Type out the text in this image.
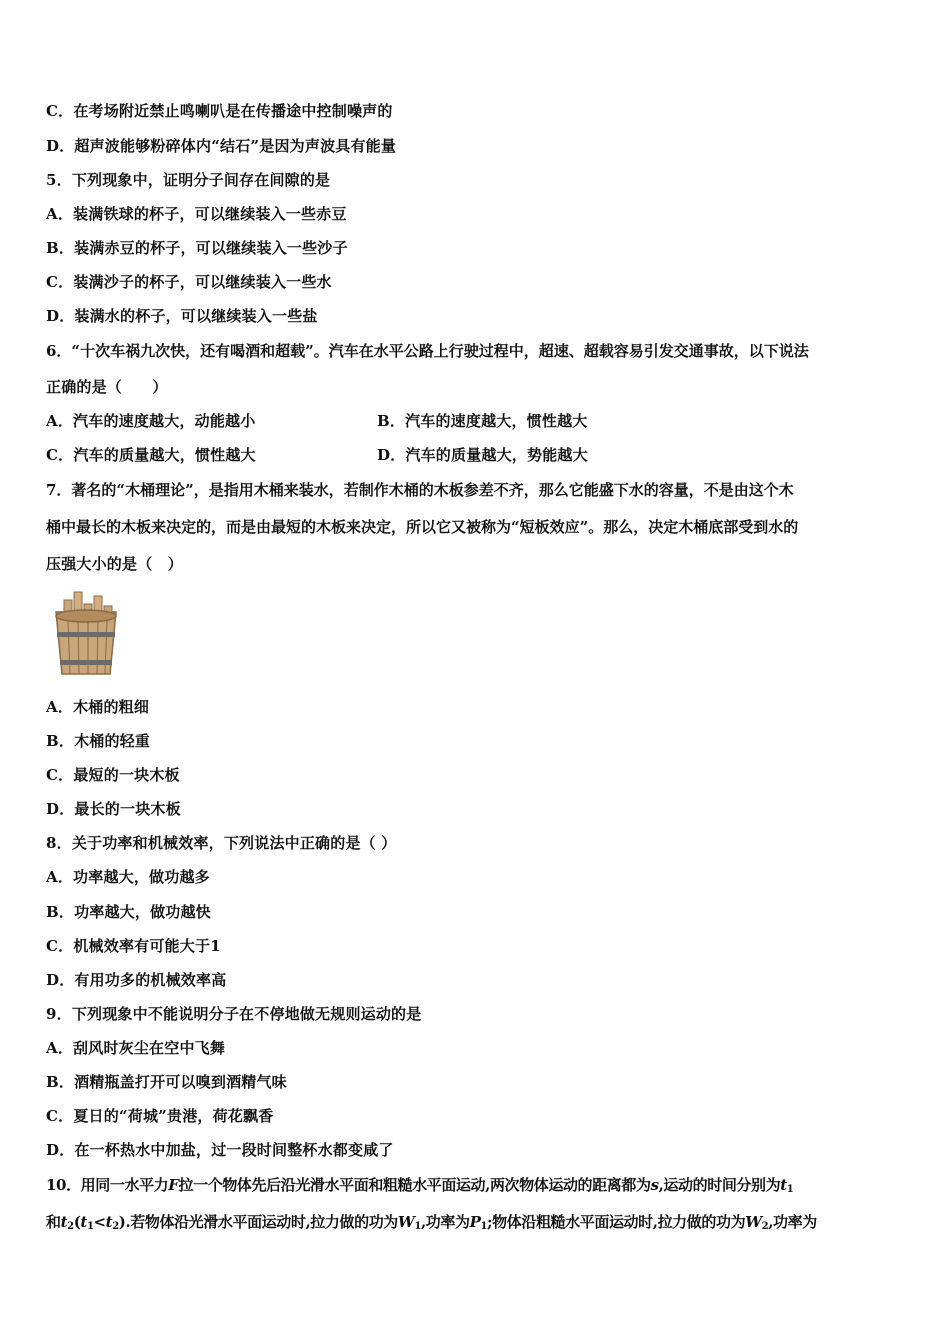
C．在考场附近禁止鸣喇叭是在传播途中控制噪声的
D．超声波能够粉碎体内“结石”是因为声波具有能量
5．下列现象中，证明分子间存在间隙的是
A．装满铁球的杯子，可以继续装入一些赤豆
B．装满赤豆的杯子，可以继续装入一些沙子
C．装满沙子的杯子，可以继续装入一些水
D．装满水的杯子，可以继续装入一些盐
6．“十次车祸九次快，还有喝酒和超载”。汽车在水平公路上行驶过程中，超速、超载容易引发交通事故，以下说法
正确的是（　　）
A．汽车的速度越大，动能越小	B．汽车的速度越大，惯性越大
C．汽车的质量越大，惯性越大	D．汽车的质量越大，势能越大
7．著名的“木桶理论”，是指用木桶来装水，若制作木桶的木板参差不齐，那么它能盛下水的容量，不是由这个木
桶中最长的木板来决定的，而是由最短的木板来决定，所以它又被称为“短板效应”。那么，决定木桶底部受到水的
压强大小的是（　）
A．木桶的粗细
B．木桶的轻重
C．最短的一块木板
D．最长的一块木板
8．关于功率和机械效率，下列说法中正确的是（ ）
A．功率越大，做功越多
B．功率越大，做功越快
C．机械效率有可能大于1
D．有用功多的机械效率高
9．下列现象中不能说明分子在不停地做无规则运动的是
A．刮风时灰尘在空中飞舞
B．酒精瓶盖打开可以嗅到酒精气味
C．夏日的“荷城”贵港，荷花飘香
D．在一杯热水中加盐，过一段时间整杯水都变咸了
10．用同一水平力F拉一个物体先后沿光滑水平面和粗糙水平面运动,两次物体运动的距离都为s,运动的时间分别为$t_1$
和$t_2(t_1<t_2)$.若物体沿光滑水平面运动时,拉力做的功为$W_1$,功率为$P_1$;物体沿粗糙水平面运动时,拉力做的功为$W_2$,功率为
